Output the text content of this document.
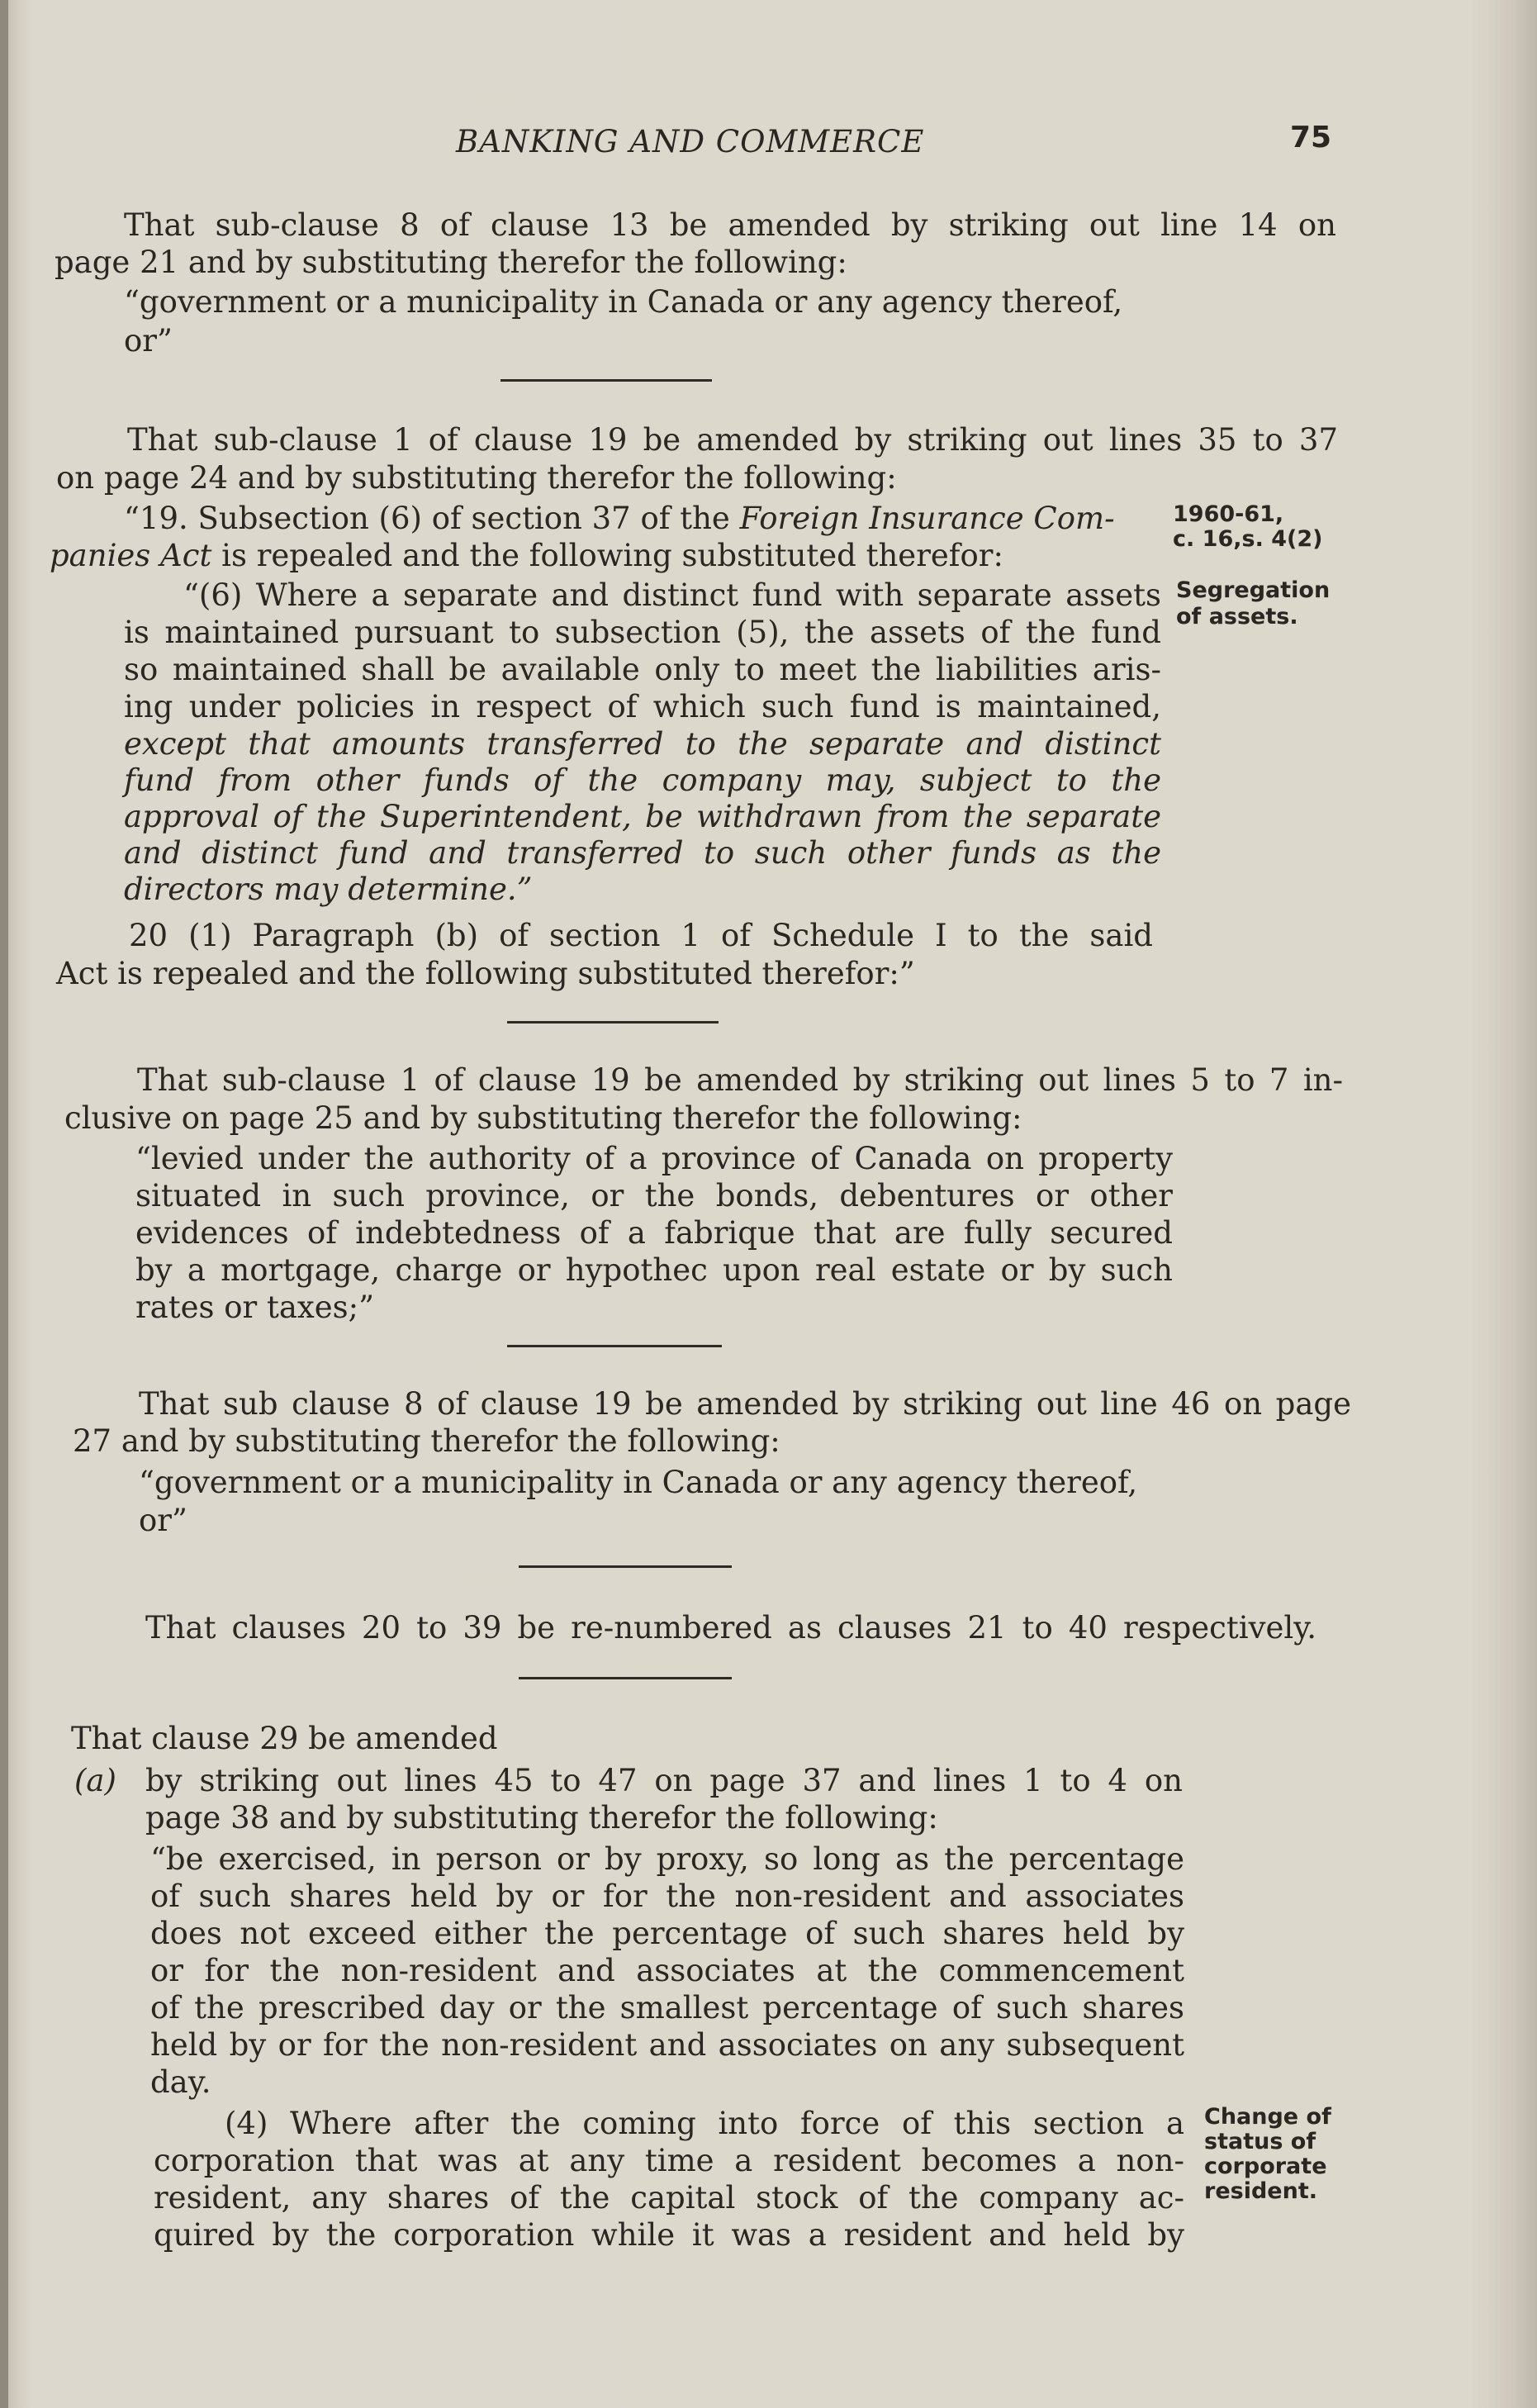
BANKING AND COMMERCE	75
That sub-clause 8 of clause 13 be amended by striking out line 14 on
page 21 and by substituting therefor the following:
“government or a municipality in Canada or any agency thereof,
or”
That sub-clause 1 of clause 19 be amended by striking out lines 35 to 37
on page 24 and by substituting therefor the following:
“19. Subsection (6) of section 37 of the Foreign Insurance Com-
panies Act is repealed and the following substituted therefor:
1960-61,
c. 16,s. 4(2)
“(6) Where a separate and distinct fund with separate assets
is maintained pursuant to subsection (5), the assets of the fund
so maintained shall be available only to meet the liabilities aris-
ing under policies in respect of which such fund is maintained,
except that amounts transferred to the separate and distinct
fund from other funds of the company may, subject to the
approval of the Superintendent, be withdrawn from the separate
and distinct fund and transferred to such other funds as the
directors may determine.”
Segregation
of assets.
20 (1) Paragraph (b) of section 1 of Schedule I to the said
Act is repealed and the following substituted therefor:”
That sub-clause 1 of clause 19 be amended by striking out lines 5 to 7 in-
clusive on page 25 and by substituting therefor the following:
“levied under the authority of a province of Canada on property
situated in such province, or the bonds, debentures or other
evidences of indebtedness of a fabrique that are fully secured
by a mortgage, charge or hypothec upon real estate or by such
rates or taxes;”
That sub clause 8 of clause 19 be amended by striking out line 46 on page
27 and by substituting therefor the following:
“government or a municipality in Canada or any agency thereof,
or”
That clauses 20 to 39 be re-numbered as clauses 21 to 40 respectively.
That clause 29 be amended
(a) by striking out lines 45 to 47 on page 37 and lines 1 to 4 on
page 38 and by substituting therefor the following:
“be exercised, in person or by proxy, so long as the percentage
of such shares held by or for the non-resident and associates
does not exceed either the percentage of such shares held by
or for the non-resident and associates at the commencement
of the prescribed day or the smallest percentage of such shares
held by or for the non-resident and associates on any subsequent
day.
(4) Where after the coming into force of this section a
corporation that was at any time a resident becomes a non-
resident, any shares of the capital stock of the company ac-
quired by the corporation while it was a resident and held by
Change of
status of
corporate
resident.
